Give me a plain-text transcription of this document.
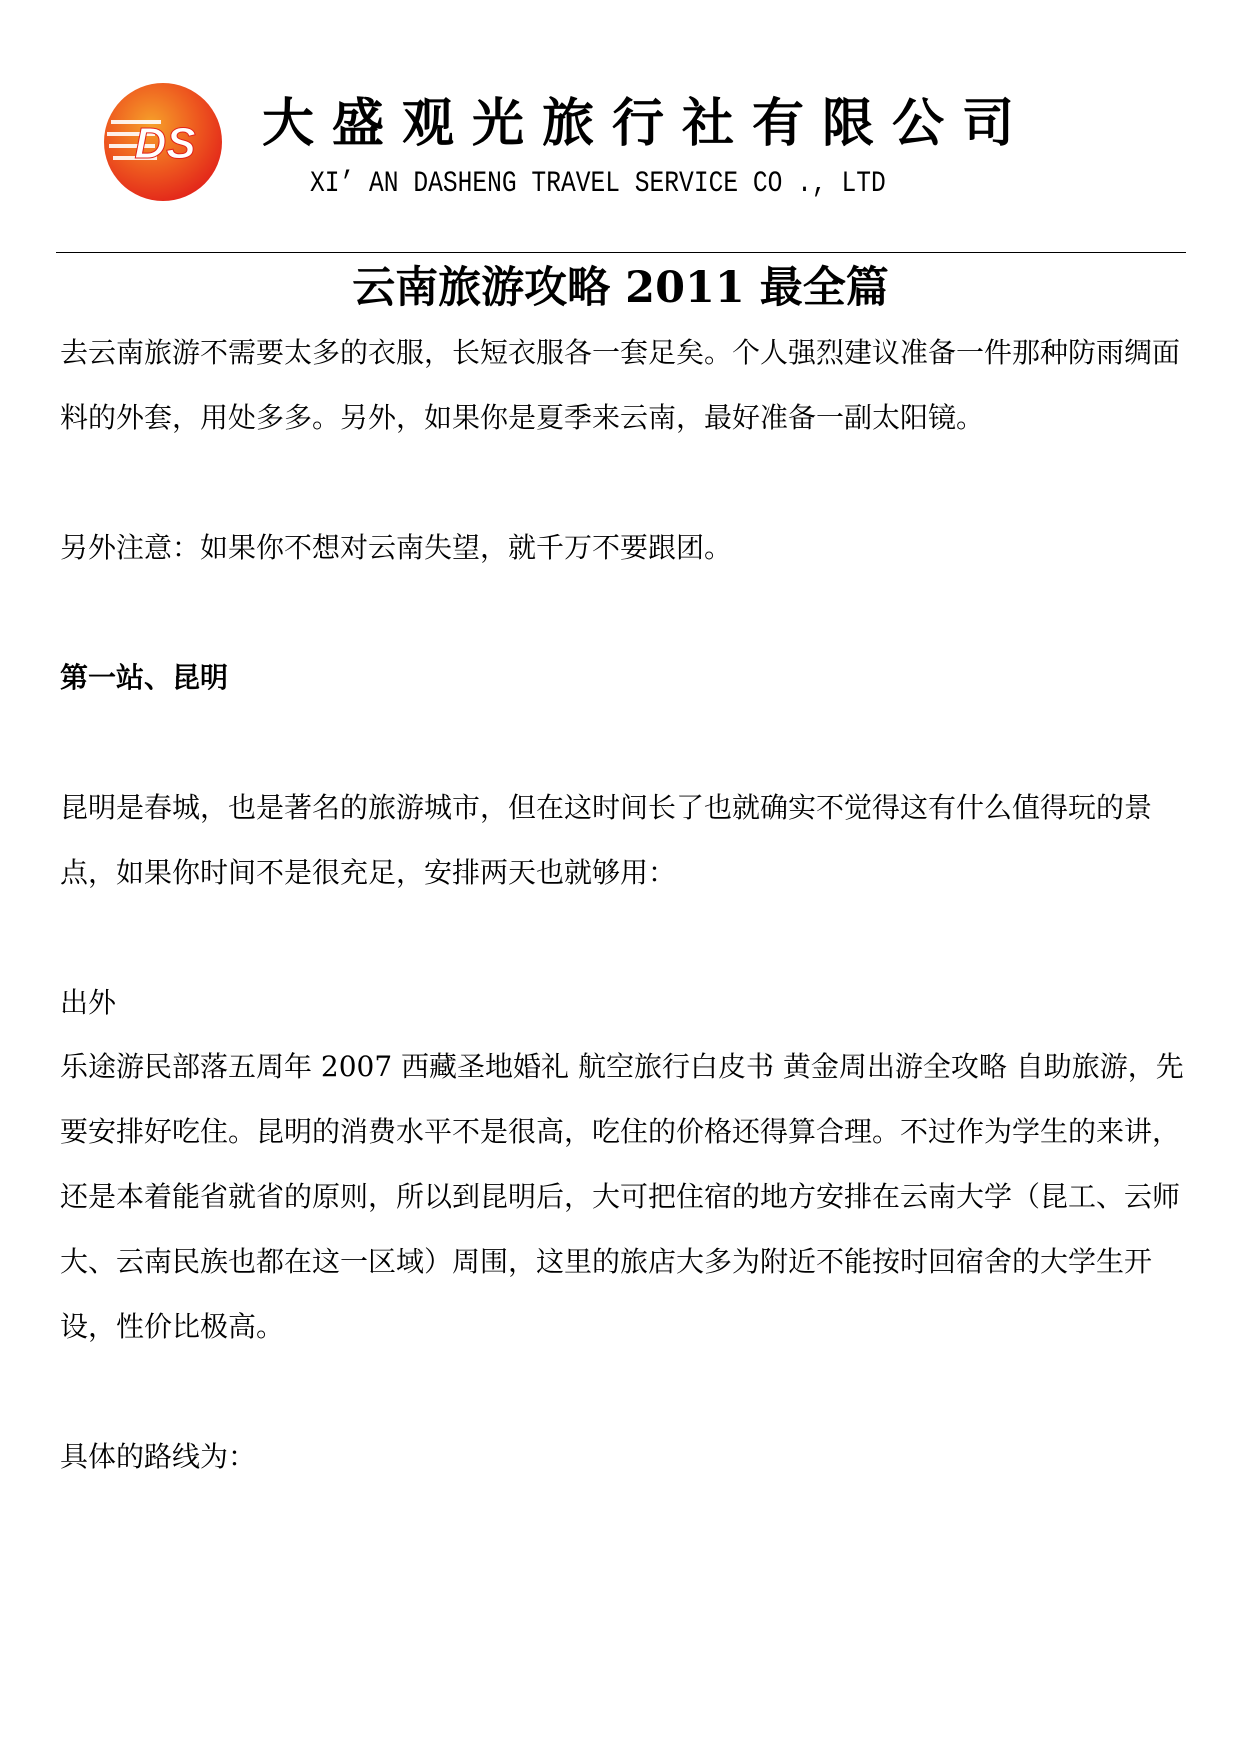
DS 大盛观光旅行社有限公司
XI’ AN DASHENG TRAVEL SERVICE CO ., LTD
云南旅游攻略 2011 最全篇

去云南旅游不需要太多的衣服，长短衣服各一套足矣。个人强烈建议准备一件那种防雨绸面料的外套，用处多多。另外，如果你是夏季来云南，最好准备一副太阳镜。

另外注意：如果你不想对云南失望，就千万不要跟团。

第一站、昆明

昆明是春城，也是著名的旅游城市，但在这时间长了也就确实不觉得这有什么值得玩的景点，如果你时间不是很充足，安排两天也就够用：

出外

乐途游民部落五周年 2007 西藏圣地婚礼 航空旅行白皮书 黄金周出游全攻略 自助旅游，先要安排好吃住。昆明的消费水平不是很高，吃住的价格还得算合理。不过作为学生的来讲，还是本着能省就省的原则，所以到昆明后，大可把住宿的地方安排在云南大学（昆工、云师大、云南民族也都在这一区域）周围，这里的旅店大多为附近不能按时回宿舍的大学生开设，性价比极高。

具体的路线为：
